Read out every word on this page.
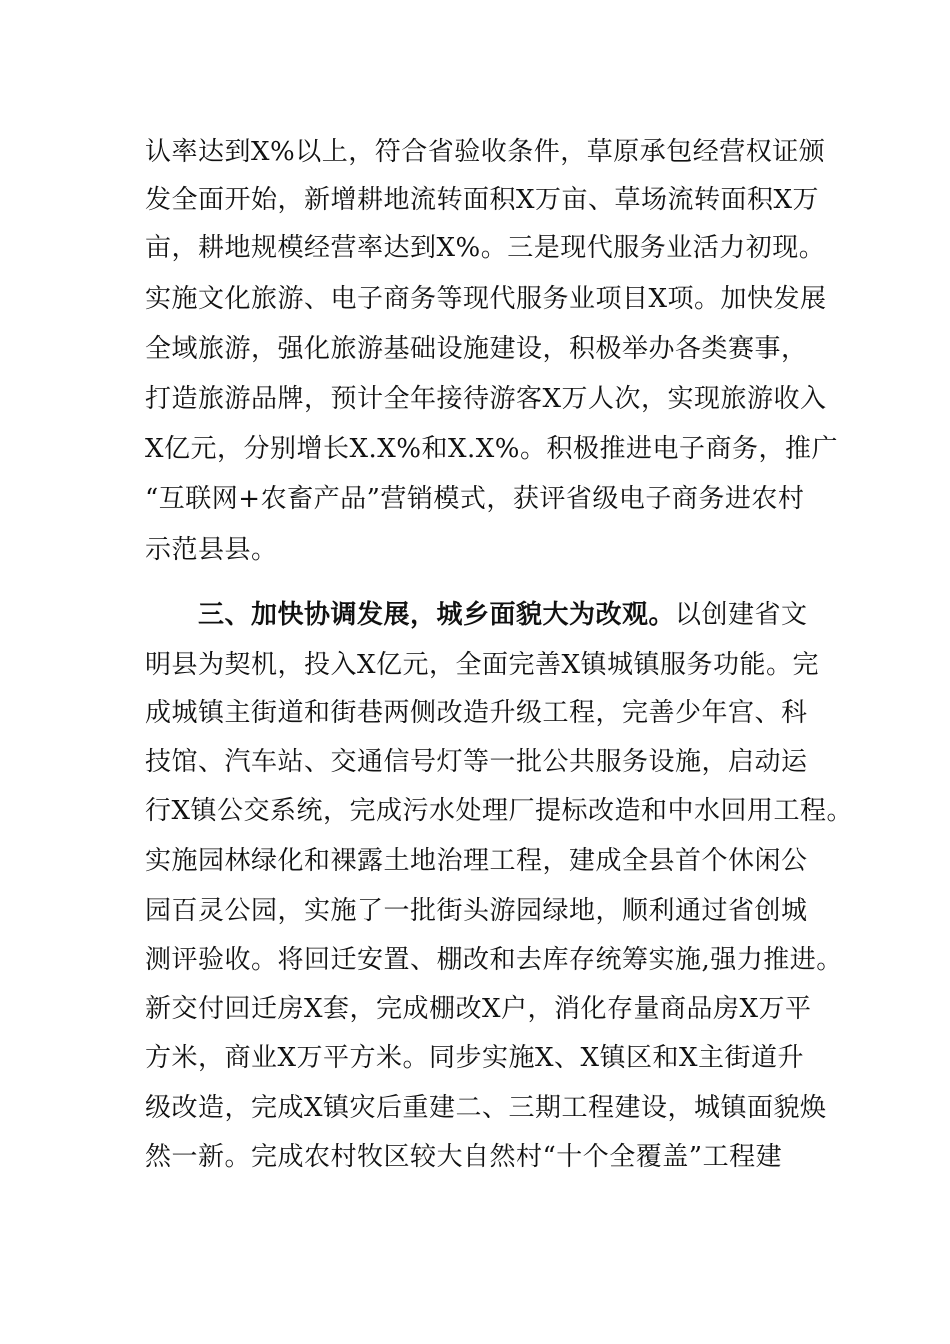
认率达到X%以上，符合省验收条件，草原承包经营权证颁
发全面开始，新增耕地流转面积X万亩、草场流转面积X万
亩，耕地规模经营率达到X%。三是现代服务业活力初现。
实施文化旅游、电子商务等现代服务业项目X项。加快发展
全域旅游，强化旅游基础设施建设，积极举办各类赛事，
打造旅游品牌，预计全年接待游客X万人次，实现旅游收入
X亿元，分别增长X.X%和X.X%。积极推进电子商务，推广
“互联网+农畜产品”营销模式，获评省级电子商务进农村
示范县县。
三、加快协调发展，城乡面貌大为改观。以创建省文
明县为契机，投入X亿元，全面完善X镇城镇服务功能。完
成城镇主街道和街巷两侧改造升级工程，完善少年宫、科
技馆、汽车站、交通信号灯等一批公共服务设施，启动运
行X镇公交系统，完成污水处理厂提标改造和中水回用工程。
实施园林绿化和裸露土地治理工程，建成全县首个休闲公
园百灵公园，实施了一批街头游园绿地，顺利通过省创城
测评验收。将回迁安置、棚改和去库存统筹实施,强力推进。
新交付回迁房X套，完成棚改X户，消化存量商品房X万平
方米，商业X万平方米。同步实施X、X镇区和X主街道升
级改造，完成X镇灾后重建二、三期工程建设，城镇面貌焕
然一新。完成农村牧区较大自然村“十个全覆盖”工程建
